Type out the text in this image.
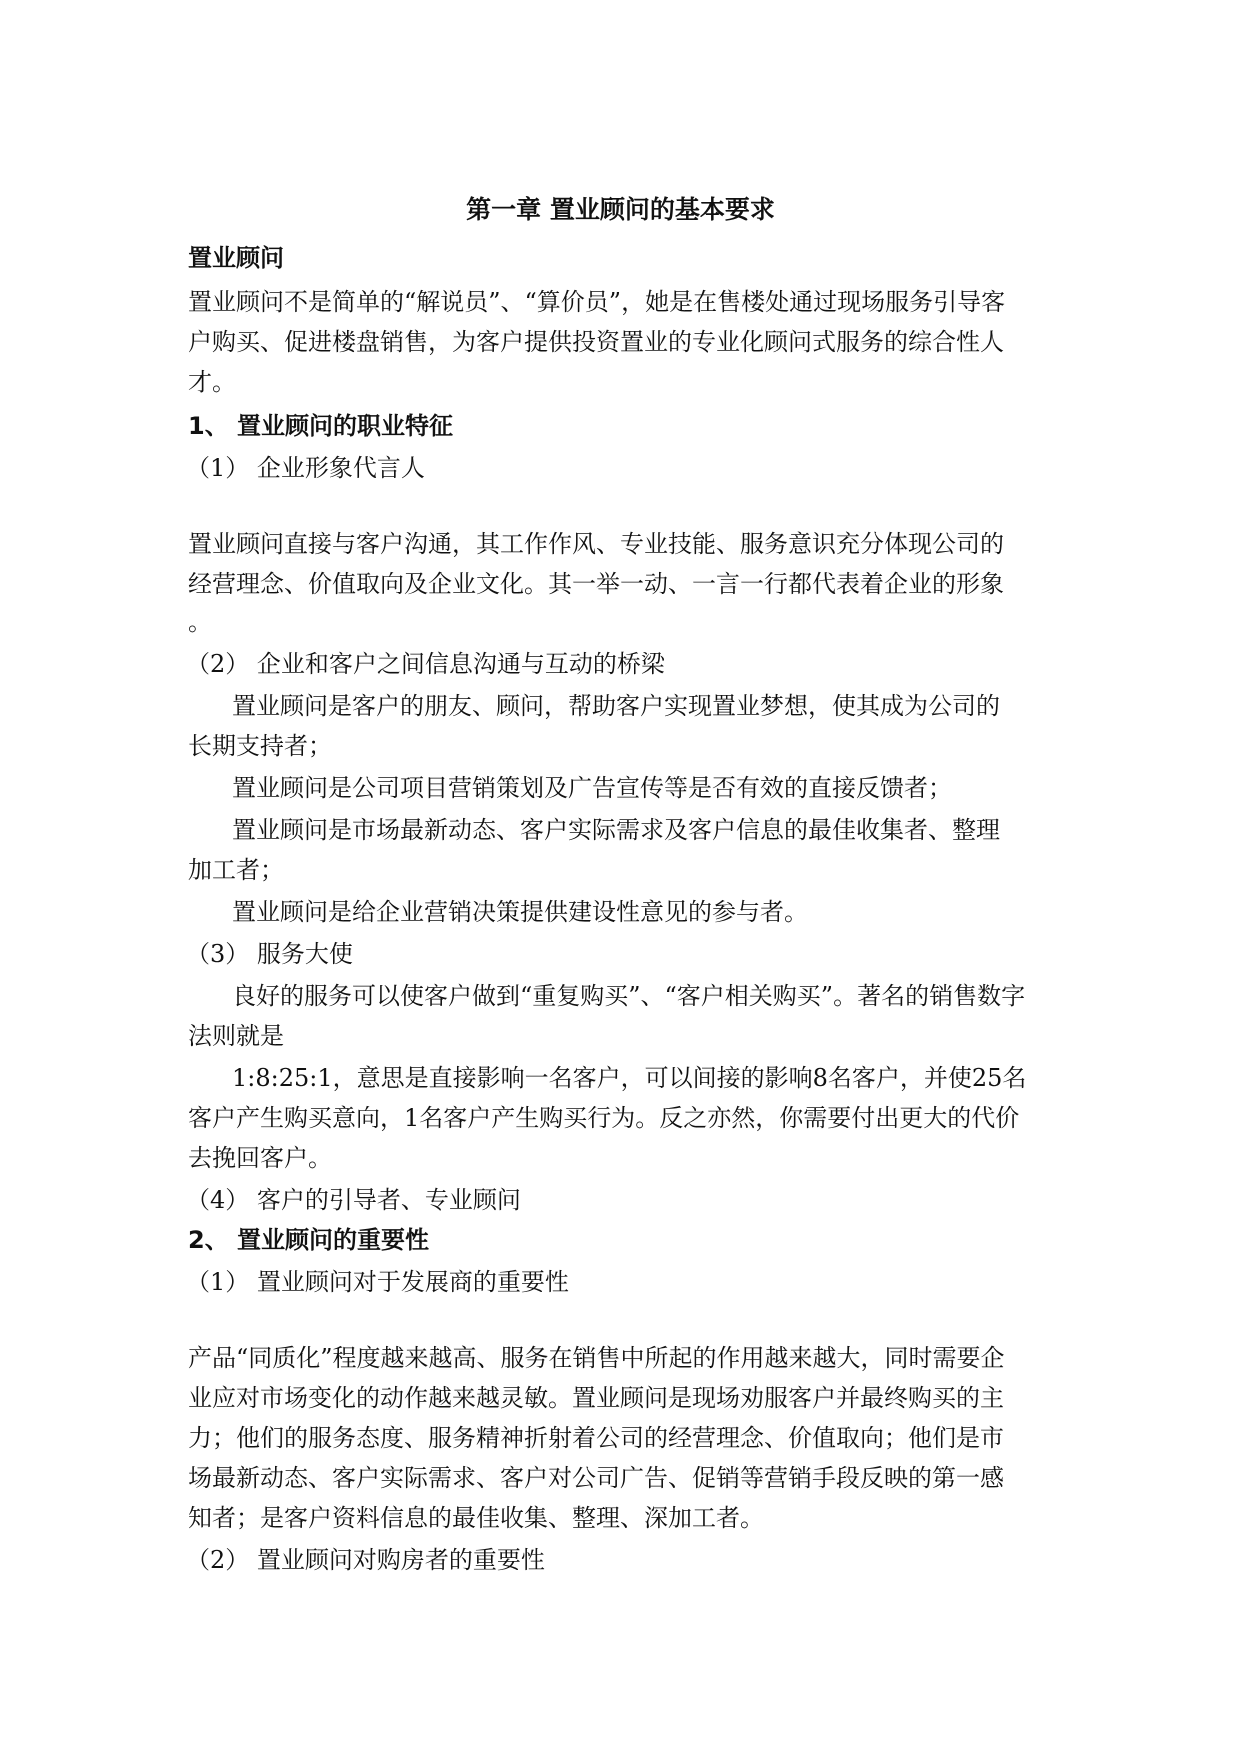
第一章 置业顾问的基本要求
置业顾问
置业顾问不是简单的“解说员”、“算价员”，她是在售楼处通过现场服务引导客
户购买、促进楼盘销售，为客户提供投资置业的专业化顾问式服务的综合性人
才。
1、 置业顾问的职业特征
（1） 企业形象代言人
置业顾问直接与客户沟通，其工作作风、专业技能、服务意识充分体现公司的
经营理念、价值取向及企业文化。其一举一动、一言一行都代表着企业的形象
。
（2） 企业和客户之间信息沟通与互动的桥梁
置业顾问是客户的朋友、顾问，帮助客户实现置业梦想，使其成为公司的
长期支持者；
置业顾问是公司项目营销策划及广告宣传等是否有效的直接反馈者；
置业顾问是市场最新动态、客户实际需求及客户信息的最佳收集者、整理
加工者；
置业顾问是给企业营销决策提供建设性意见的参与者。
（3） 服务大使
良好的服务可以使客户做到“重复购买”、“客户相关购买”。著名的销售数字
法则就是
1:8:25:1，意思是直接影响一名客户，可以间接的影响8名客户，并使25名
客户产生购买意向，1名客户产生购买行为。反之亦然，你需要付出更大的代价
去挽回客户。
（4） 客户的引导者、专业顾问
2、 置业顾问的重要性
（1） 置业顾问对于发展商的重要性
产品“同质化”程度越来越高、服务在销售中所起的作用越来越大，同时需要企
业应对市场变化的动作越来越灵敏。置业顾问是现场劝服客户并最终购买的主
力；他们的服务态度、服务精神折射着公司的经营理念、价值取向；他们是市
场最新动态、客户实际需求、客户对公司广告、促销等营销手段反映的第一感
知者；是客户资料信息的最佳收集、整理、深加工者。
（2） 置业顾问对购房者的重要性
